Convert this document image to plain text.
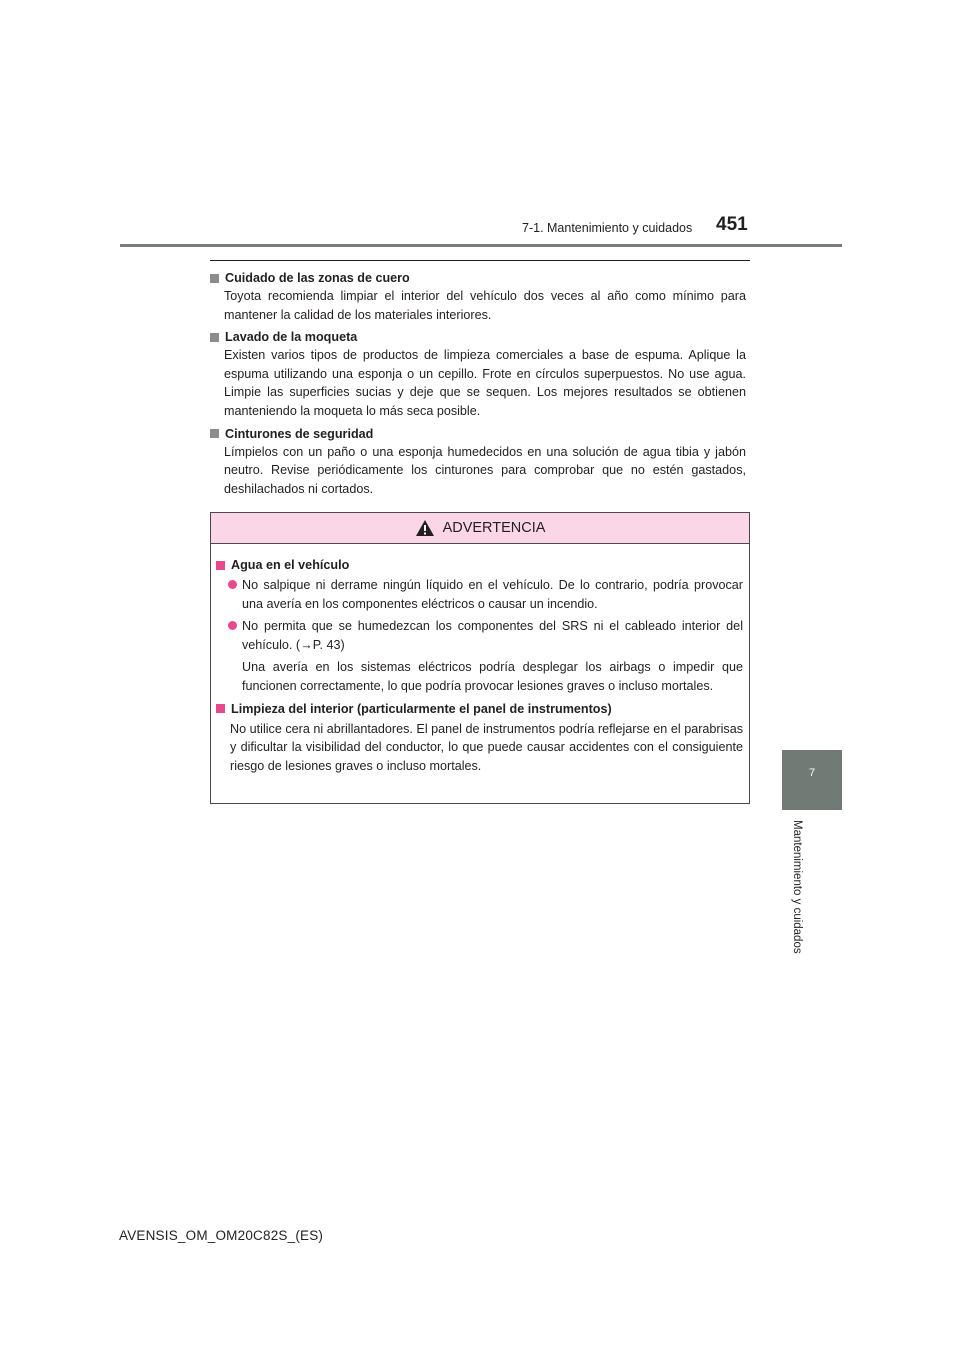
7-1. Mantenimiento y cuidados 451
7
Mantenimiento y cuidados
Cuidado de las zonas de cuero
Toyota recomienda limpiar el interior del vehículo dos veces al año como mínimo para mantener la calidad de los materiales interiores.
Lavado de la moqueta
Existen varios tipos de productos de limpieza comerciales a base de espuma. Aplique la espuma utilizando una esponja o un cepillo. Frote en círculos superpuestos. No use agua. Limpie las superficies sucias y deje que se sequen. Los mejores resultados se obtienen manteniendo la moqueta lo más seca posible.
Cinturones de seguridad
Límpielos con un paño o una esponja humedecidos en una solución de agua tibia y jabón neutro. Revise periódicamente los cinturones para comprobar que no estén gastados, deshilachados ni cortados.
ADVERTENCIA
Agua en el vehículo
No salpique ni derrame ningún líquido en el vehículo. De lo contrario, podría provocar una avería en los componentes eléctricos o causar un incendio.
No permita que se humedezcan los componentes del SRS ni el cableado interior del vehículo. (→P. 43)
Una avería en los sistemas eléctricos podría desplegar los airbags o impedir que funcionen correctamente, lo que podría provocar lesiones graves o incluso mortales.
Limpieza del interior (particularmente el panel de instrumentos)
No utilice cera ni abrillantadores. El panel de instrumentos podría reflejarse en el parabrisas y dificultar la visibilidad del conductor, lo que puede causar accidentes con el consiguiente riesgo de lesiones graves o incluso mortales.
AVENSIS_OM_OM20C82S_(ES)
